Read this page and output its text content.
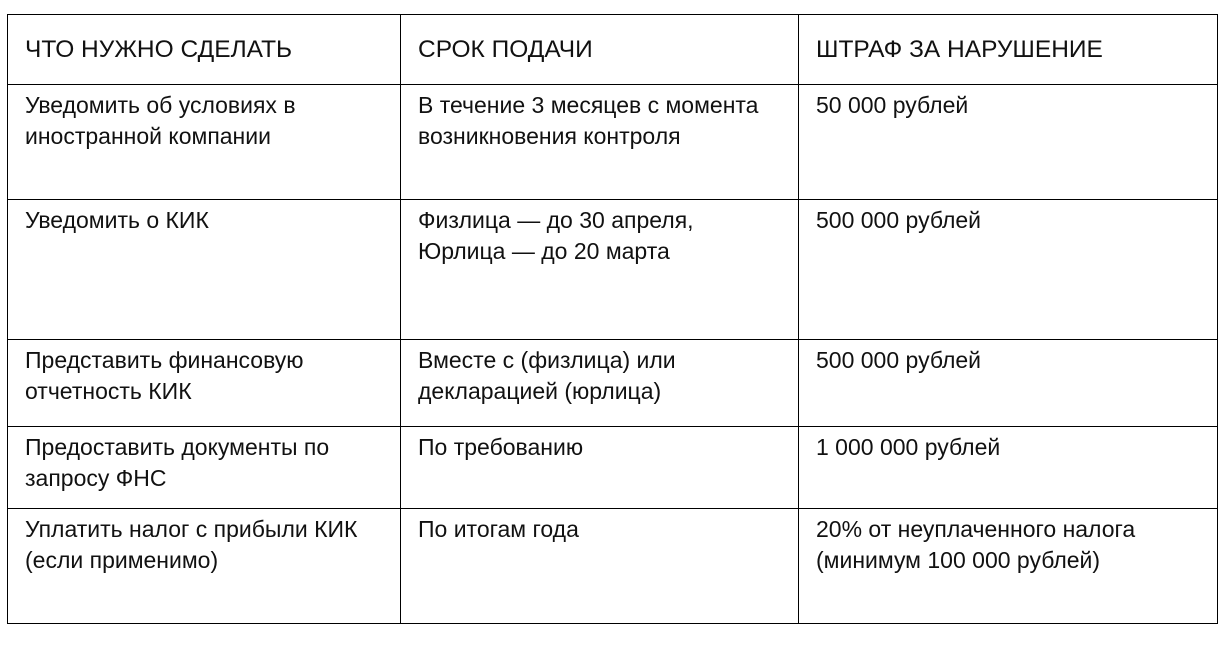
ЧТО НУЖНО СДЕЛАТЬ	СРОК ПОДАЧИ	ШТРАФ ЗА НАРУШЕНИЕ
Уведомить об условиях в иностранной компании	В течение 3 месяцев с момента возникновения контроля	50 000 рублей
Уведомить о КИК	Физлица — до 30 апреля, Юрлица — до 20 марта	500 000 рублей
Представить финансовую отчетность КИК	Вместе с (физлица) или декларацией (юрлица)	500 000 рублей
Предоставить документы по запросу ФНС	По требованию	1 000 000 рублей
Уплатить налог с прибыли КИК (если применимо)	По итогам года	20% от неуплаченного налога (минимум 100 000 рублей)
